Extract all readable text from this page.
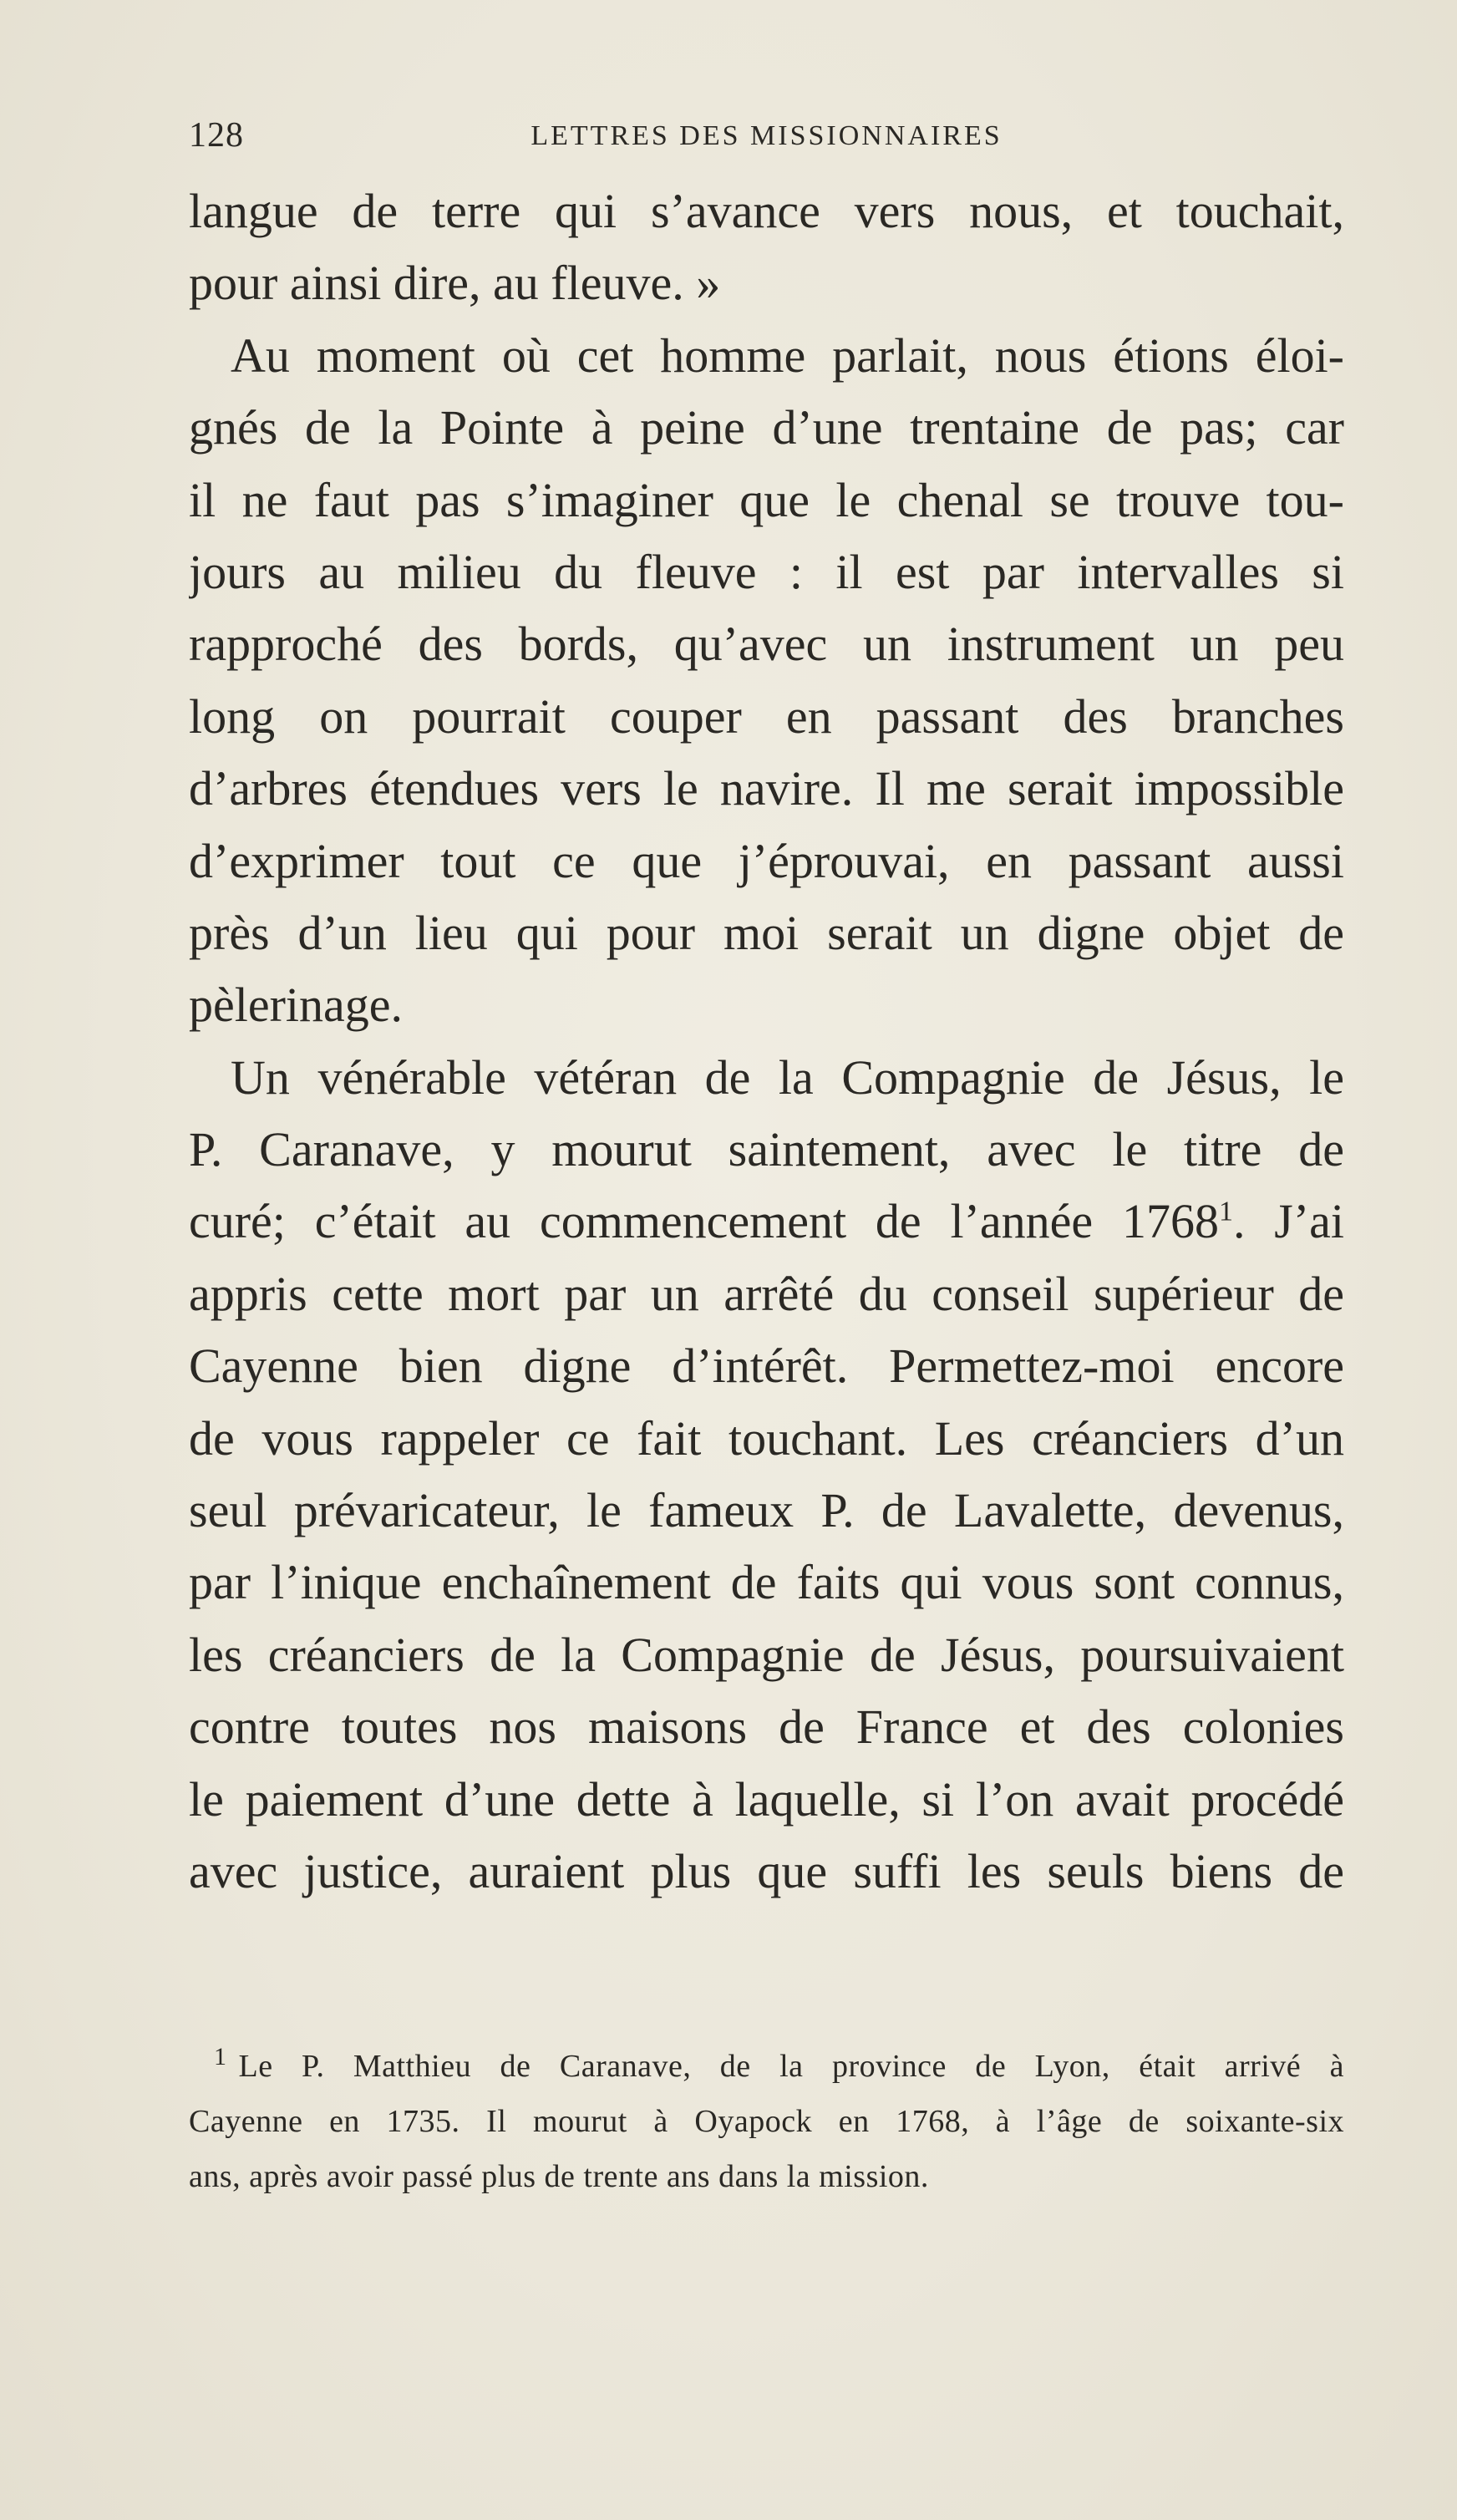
128	LETTRES DES MISSIONNAIRES

langue de terre qui s’avance vers nous, et touchait,
pour ainsi dire, au fleuve. »

Au moment où cet homme parlait, nous étions éloi-
gnés de la Pointe à peine d’une trentaine de pas; car
il ne faut pas s’imaginer que le chenal se trouve tou-
jours au milieu du fleuve : il est par intervalles si
rapproché des bords, qu’avec un instrument un peu
long on pourrait couper en passant des branches
d’arbres étendues vers le navire. Il me serait impossible
d’exprimer tout ce que j’éprouvai, en passant aussi
près d’un lieu qui pour moi serait un digne objet de
pèlerinage.

Un vénérable vétéran de la Compagnie de Jésus, le
P. Caranave, y mourut saintement, avec le titre de
curé; c’était au commencement de l’année 1768$^1$. J’ai
appris cette mort par un arrêté du conseil supérieur de
Cayenne bien digne d’intérêt. Permettez-moi encore
de vous rappeler ce fait touchant. Les créanciers d’un
seul prévaricateur, le fameux P. de Lavalette, devenus,
par l’inique enchaînement de faits qui vous sont connus,
les créanciers de la Compagnie de Jésus, poursuivaient
contre toutes nos maisons de France et des colonies
le paiement d’une dette à laquelle, si l’on avait procédé
avec justice, auraient plus que suffi les seuls biens de

$^1$ Le P. Matthieu de Caranave, de la province de Lyon, était arrivé à
Cayenne en 1735. Il mourut à Oyapock en 1768, à l’âge de soixante-six
ans, après avoir passé plus de trente ans dans la mission.
